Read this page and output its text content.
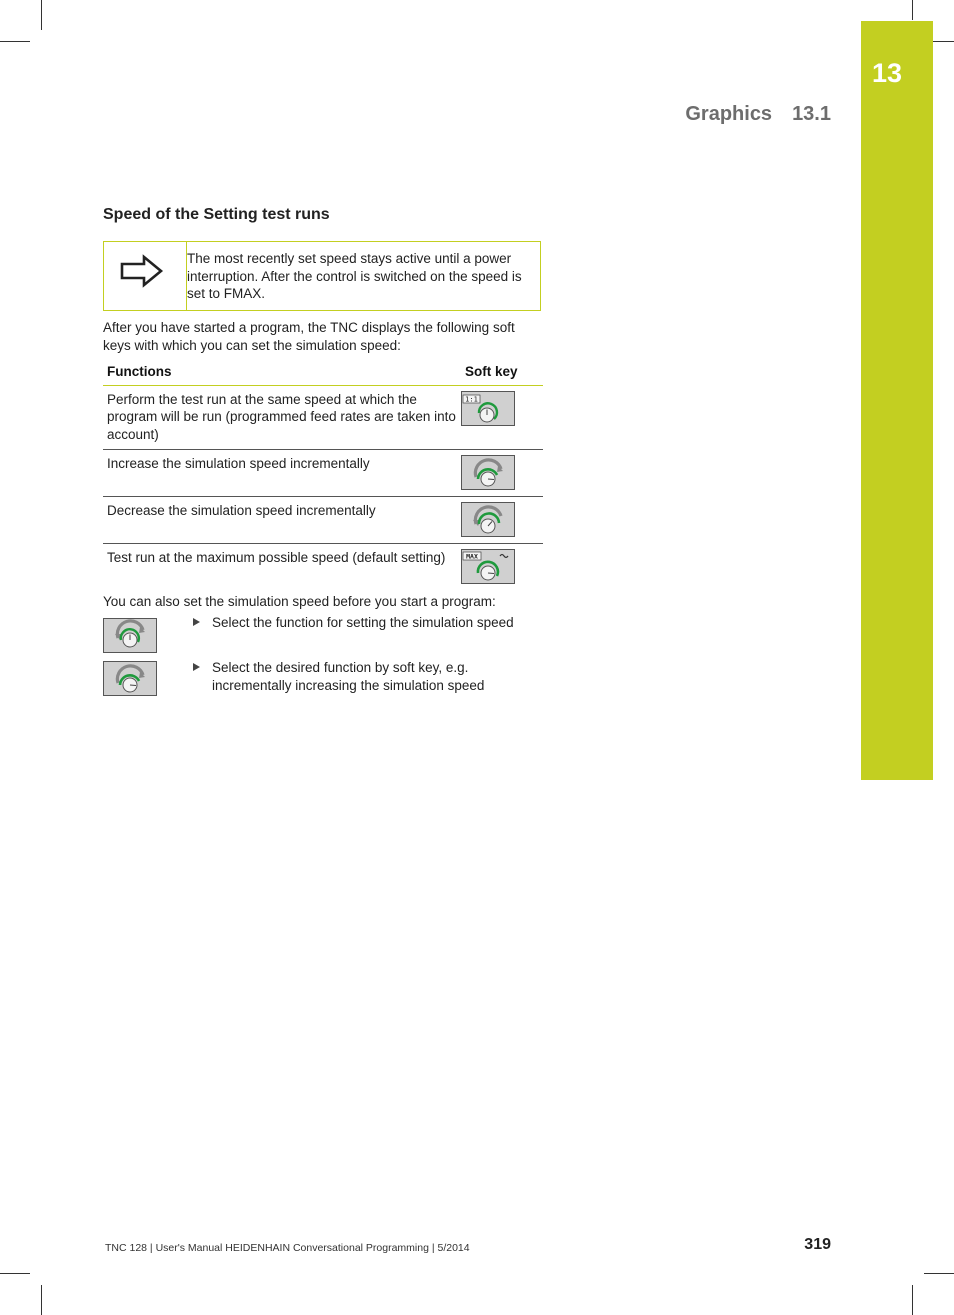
13
Graphics 13.1
Speed of the Setting test runs
The most recently set speed stays active until a power interruption. After the control is switched on the speed is set to FMAX.
After you have started a program, the TNC displays the following soft keys with which you can set the simulation speed:
Functions	Soft key
Perform the test run at the same speed at which the program will be run (programmed feed rates are taken into account)	1:1

Increase the simulation speed incrementally	

Decrease the simulation speed incrementally	

Test run at the maximum possible speed (default setting)	MAX
You can also set the simulation speed before you start a program:
Select the function for setting the simulation speed
Select the desired function by soft key, e.g. incrementally increasing the simulation speed
TNC 128 | User's Manual HEIDENHAIN Conversational Programming | 5/2014	319
